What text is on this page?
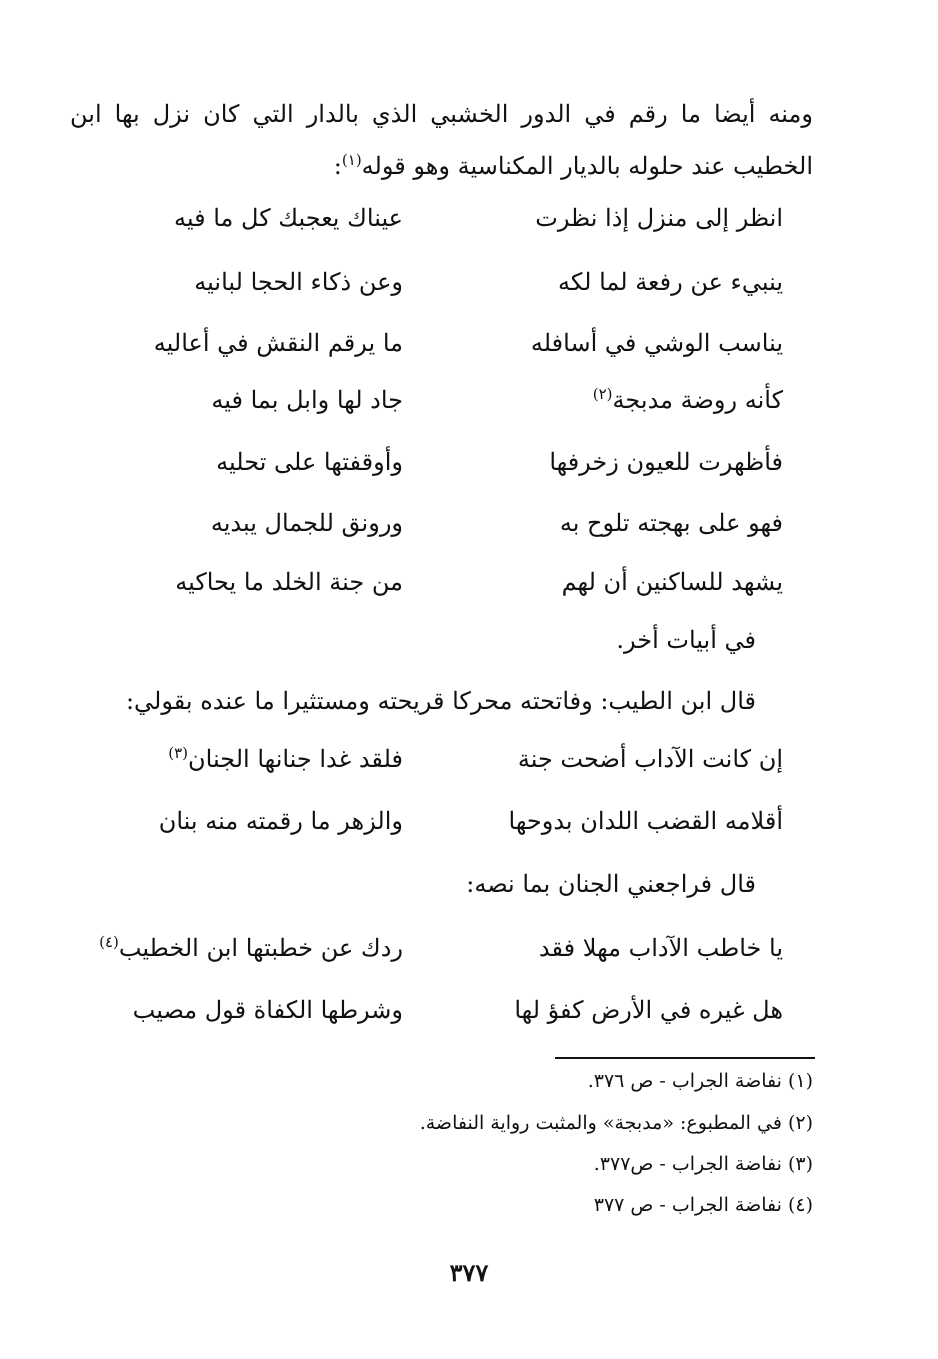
ومنه أيضا ما رقم في الدور الخشبي الذي بالدار التي كان نزل بها ابن الخطيب عند حلوله بالديار المكناسية وهو قوله$^{(١)}$:
انظر إلى منزل إذا نظرت
عيناك يعجبك كل ما فيه
ينبيء عن رفعة لما لكه
وعن ذكاء الحجا لبانيه
يناسب الوشي في أسافله
ما يرقم النقش في أعاليه
كأنه روضة مدبجة$^{(٢)}$
جاد لها وابل بما فيه
فأظهرت للعيون زخرفها
وأوقفتها على تحليه
فهو على بهجته تلوح به
ورونق للجمال يبديه
يشهد للساكنين أن لهم
من جنة الخلد ما يحاكيه
في أبيات أخر.
قال ابن الطيب: وفاتحته محركا قريحته ومستثيرا ما عنده بقولي:
إن كانت الآداب أضحت جنة
فلقد غدا جنانها الجنان$^{(٣)}$
أقلامه القضب اللدان بدوحها
والزهر ما رقمته منه بنان
قال فراجعني الجنان بما نصه:
يا خاطب الآداب مهلا فقد
ردك عن خطبتها ابن الخطيب$^{(٤)}$
هل غيره في الأرض كفؤ لها
وشرطها الكفاة قول مصيب
(١) نفاضة الجراب - ص ٣٧٦.
(٢) في المطبوع: «مدبجة» والمثبت رواية النفاضة.
(٣) نفاضة الجراب - ص٣٧٧.
(٤) نفاضة الجراب - ص ٣٧٧
٣٧٧
